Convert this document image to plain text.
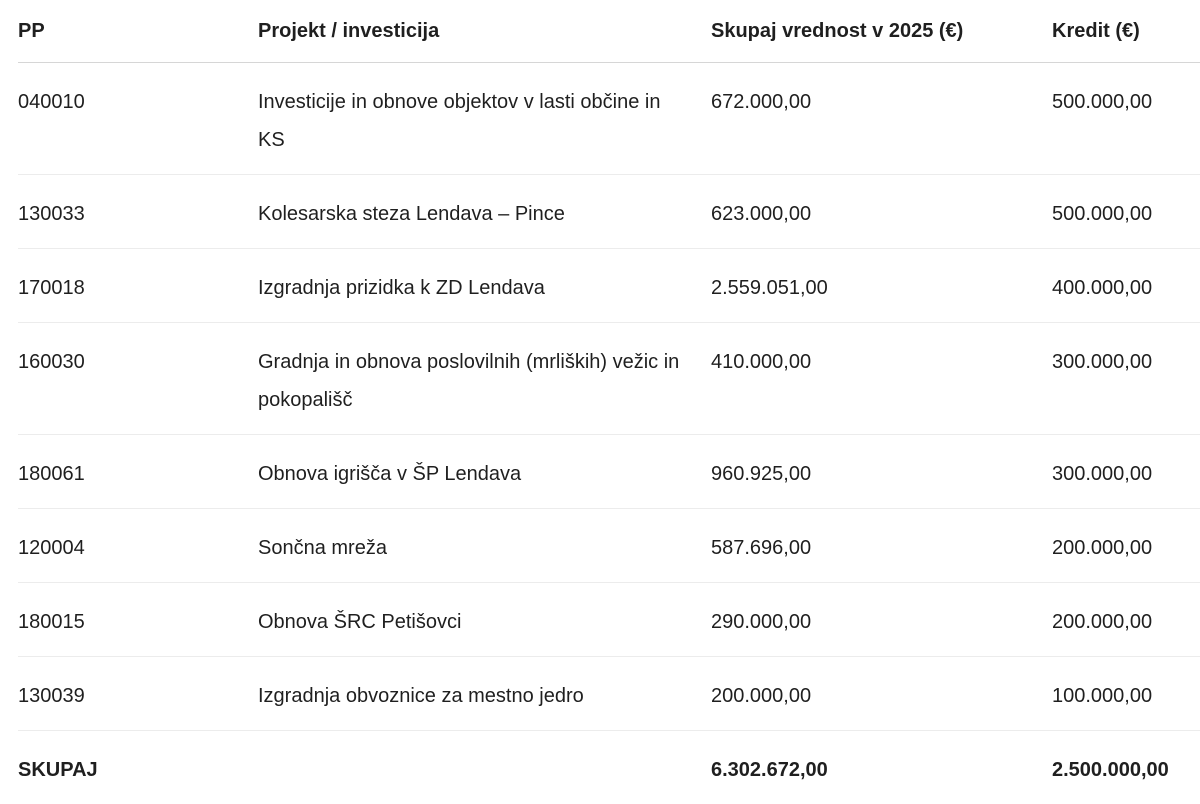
PP	Projekt / investicija	Skupaj vrednost v 2025 (€)	Kredit (€)
040010	Investicije in obnove objektov v lasti občine in KS	672.000,00	500.000,00
130033	Kolesarska steza Lendava – Pince	623.000,00	500.000,00
170018	Izgradnja prizidka k ZD Lendava	2.559.051,00	400.000,00
160030	Gradnja in obnova poslovilnih (mrliških) vežic in pokopališč	410.000,00	300.000,00
180061	Obnova igrišča v ŠP Lendava	960.925,00	300.000,00
120004	Sončna mreža	587.696,00	200.000,00
180015	Obnova ŠRC Petišovci	290.000,00	200.000,00
130039	Izgradnja obvoznice za mestno jedro	200.000,00	100.000,00
SKUPAJ		6.302.672,00	2.500.000,00
